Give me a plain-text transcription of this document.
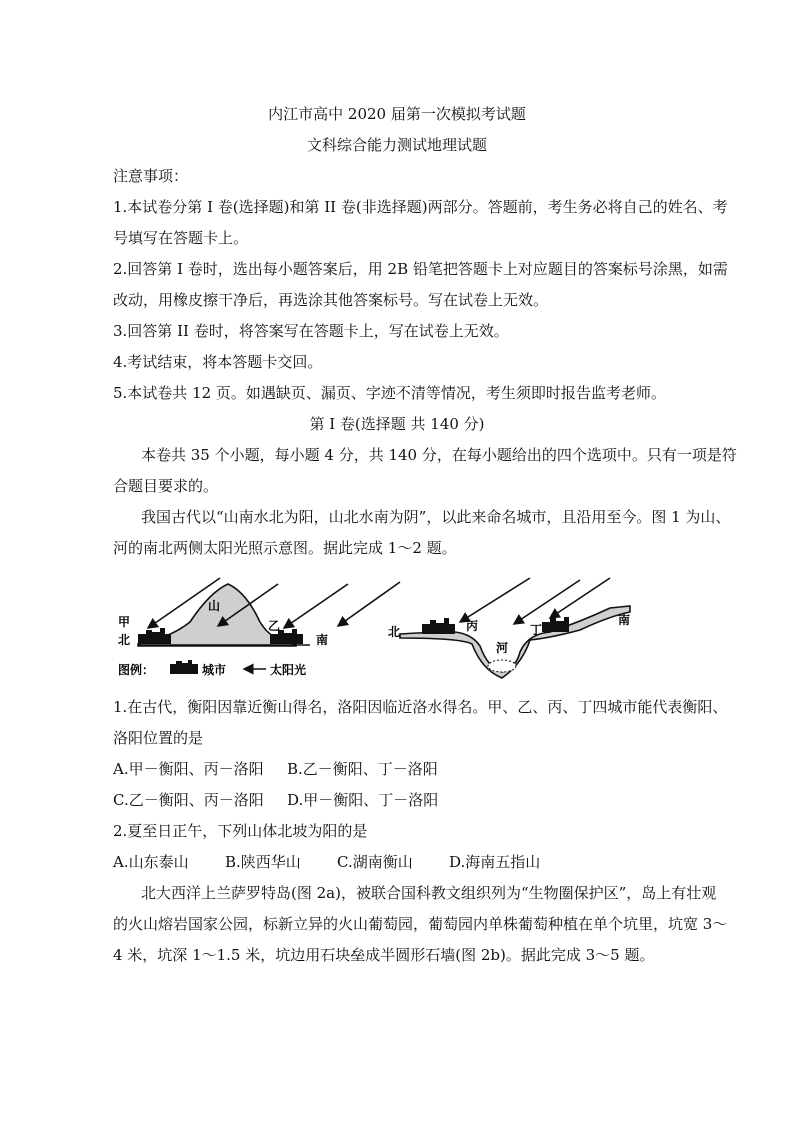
内江市高中 2020 届第一次模拟考试题
文科综合能力测试地理试题
注意事项：
1.本试卷分第 I 卷(选择题)和第 II 卷(非选择题)两部分。答题前，考生务必将自己的姓名、考
号填写在答题卡上。
2.回答第 I 卷时，选出每小题答案后，用 2B 铅笔把答题卡上对应题目的答案标号涂黑，如需
改动，用橡皮擦干净后，再选涂其他答案标号。写在试卷上无效。
3.回答第 II 卷时，将答案写在答题卡上，写在试卷上无效。
4.考试结束，将本答题卡交回。
5.本试卷共 12 页。如遇缺页、漏页、字迹不清等情况，考生须即时报告监考老师。
第 I 卷(选择题 共 140 分)
本卷共 35 个小题，每小题 4 分，共 140 分，在每小题给出的四个选项中。只有一项是符
合题目要求的。
我国古代以“山南水北为阳，山北水南为阴”，以此来命名城市，且沿用至今。图 1 为山、
河的南北两侧太阳光照示意图。据此完成 1～2 题。
甲
山
乙
北	南
北	丙
河
丁
南
图例：	城市	太阳光
1.在古代，衡阳因靠近衡山得名，洛阳因临近洛水得名。甲、乙、丙、丁四城市能代表衡阳、
洛阳位置的是
A.甲－衡阳、丙－洛阳 B.乙－衡阳、丁－洛阳
C.乙－衡阳、丙－洛阳 D.甲－衡阳、丁－洛阳
2.夏至日正午，下列山体北坡为阳的是
A.山东泰山 B.陕西华山 C.湖南衡山 D.海南五指山
北大西洋上兰萨罗特岛(图 2a)，被联合国科教文组织列为“生物圈保护区”，岛上有壮观
的火山熔岩国家公园，标新立异的火山葡萄园，葡萄园内单株葡萄种植在单个坑里，坑宽 3～
4 米，坑深 1～1.5 米，坑边用石块垒成半圆形石墙(图 2b)。据此完成 3～5 题。
